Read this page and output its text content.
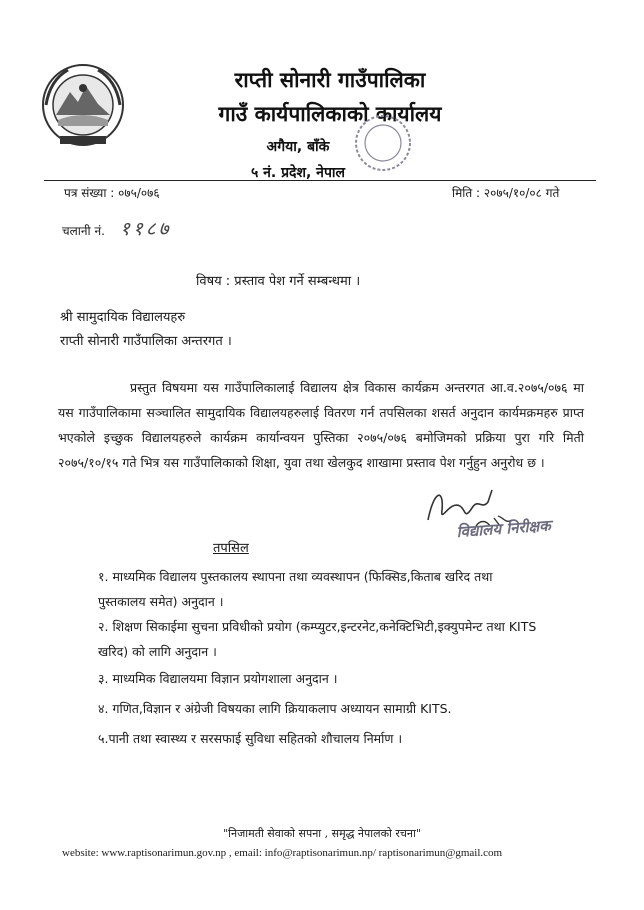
राप्ती सोनारी गाउँपालिका
गाउँ कार्यपालिकाको कार्यालय
अगैया, बाँके
५ नं. प्रदेश, नेपाल
पत्र संख्या : ०७५/०७६	मिति : २०७५/१०/०८ गते
चलानी नं. ११८७
विषय : प्रस्ताव पेश गर्ने सम्बन्धमा ।
श्री सामुदायिक विद्यालयहरु
राप्ती सोनारी गाउँपालिका अन्तरगत ।
प्रस्तुत विषयमा यस गाउँपालिकालाई विद्यालय क्षेत्र विकास कार्यक्रम अन्तरगत आ.व.२०७५/०७६ मा यस गाउँपालिकामा सञ्चालित सामुदायिक विद्यालयहरुलाई वितरण गर्न तपसिलका शसर्त अनुदान कार्यमक्रमहरु प्राप्त भएकोले इच्छुक विद्यालयहरुले कार्यक्रम कार्यान्वयन पुस्तिका २०७५/०७६ बमोजिमको प्रक्रिया पुरा गरि मिती २०७५/१०/१५ गते भित्र यस गाउँपालिकाको शिक्षा, युवा तथा खेलकुद शाखामा प्रस्ताव पेश गर्नुहुन अनुरोध छ ।
विद्यालय निरीक्षक
तपसिल
१. माध्यमिक विद्यालय पुस्तकालय स्थापना तथा व्यवस्थापन (फिक्सिड,किताब खरिद तथा
पुस्तकालय समेत) अनुदान ।
२. शिक्षण सिकाईमा सुचना प्रविधीको प्रयोग (कम्प्युटर,इन्टरनेट,कनेक्टिभिटी,इक्युपमेन्ट तथा KITS
खरिद) को लागि अनुदान ।
३. माध्यमिक विद्यालयमा विज्ञान प्रयोगशाला अनुदान ।
४. गणित,विज्ञान र अंग्रेजी विषयका लागि क्रियाकलाप अध्यायन सामाग्री KITS.
५.पानी तथा स्वास्थ्य र सरसफाई सुविधा सहितको शौचालय निर्माण ।
"निजामती सेवाको सपना , समृद्ध नेपालको रचना"
website: www.raptisonarimun.gov.np , email: info@raptisonarimun.np/ raptisonarimun@gmail.com
